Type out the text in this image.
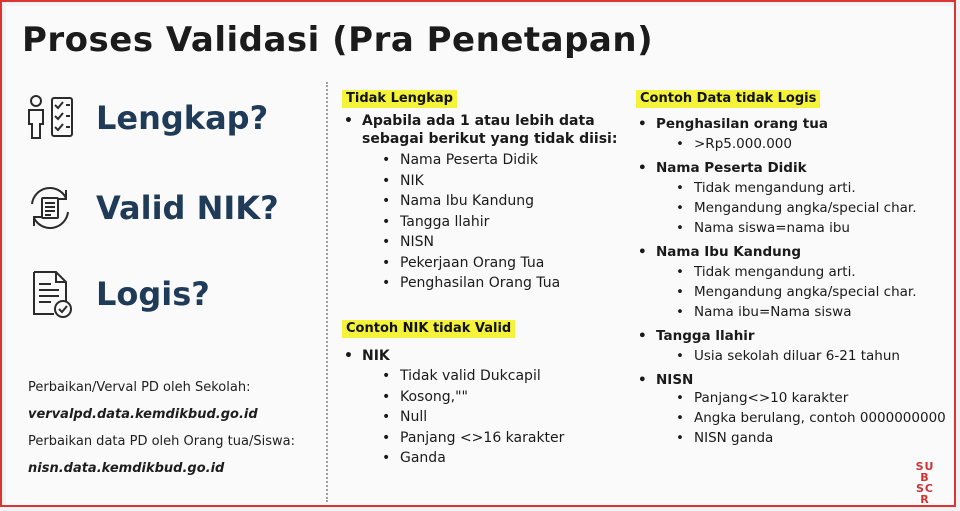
Proses Validasi (Pra Penetapan)
Lengkap?
Valid NIK?
Logis?
Perbaikan/Verval PD oleh Sekolah:
vervalpd.data.kemdikbud.go.id
Perbaikan data PD oleh Orang tua/Siswa:
nisn.data.kemdikbud.go.id
Tidak Lengkap
• Apabila ada 1 atau lebih data sebagai berikut yang tidak diisi:
• Nama Peserta Didik
• NIK
• Nama Ibu Kandung
• Tangga llahir
• NISN
• Pekerjaan Orang Tua
• Penghasilan Orang Tua
Contoh NIK tidak Valid
• NIK
• Tidak valid Dukcapil
• Kosong,""
• Null
• Panjang <>16 karakter
• Ganda
Contoh Data tidak Logis
• Penghasilan orang tua
• >Rp5.000.000
• Nama Peserta Didik
• Tidak mengandung arti.
• Mengandung angka/special char.
• Nama siswa=nama ibu
• Nama Ibu Kandung
• Tidak mengandung arti.
• Mengandung angka/special char.
• Nama ibu=Nama siswa
• Tangga llahir
• Usia sekolah diluar 6-21 tahun
• NISN
• Panjang<>10 karakter
• Angka berulang, contoh 0000000000
• NISN ganda
SUB SCR
